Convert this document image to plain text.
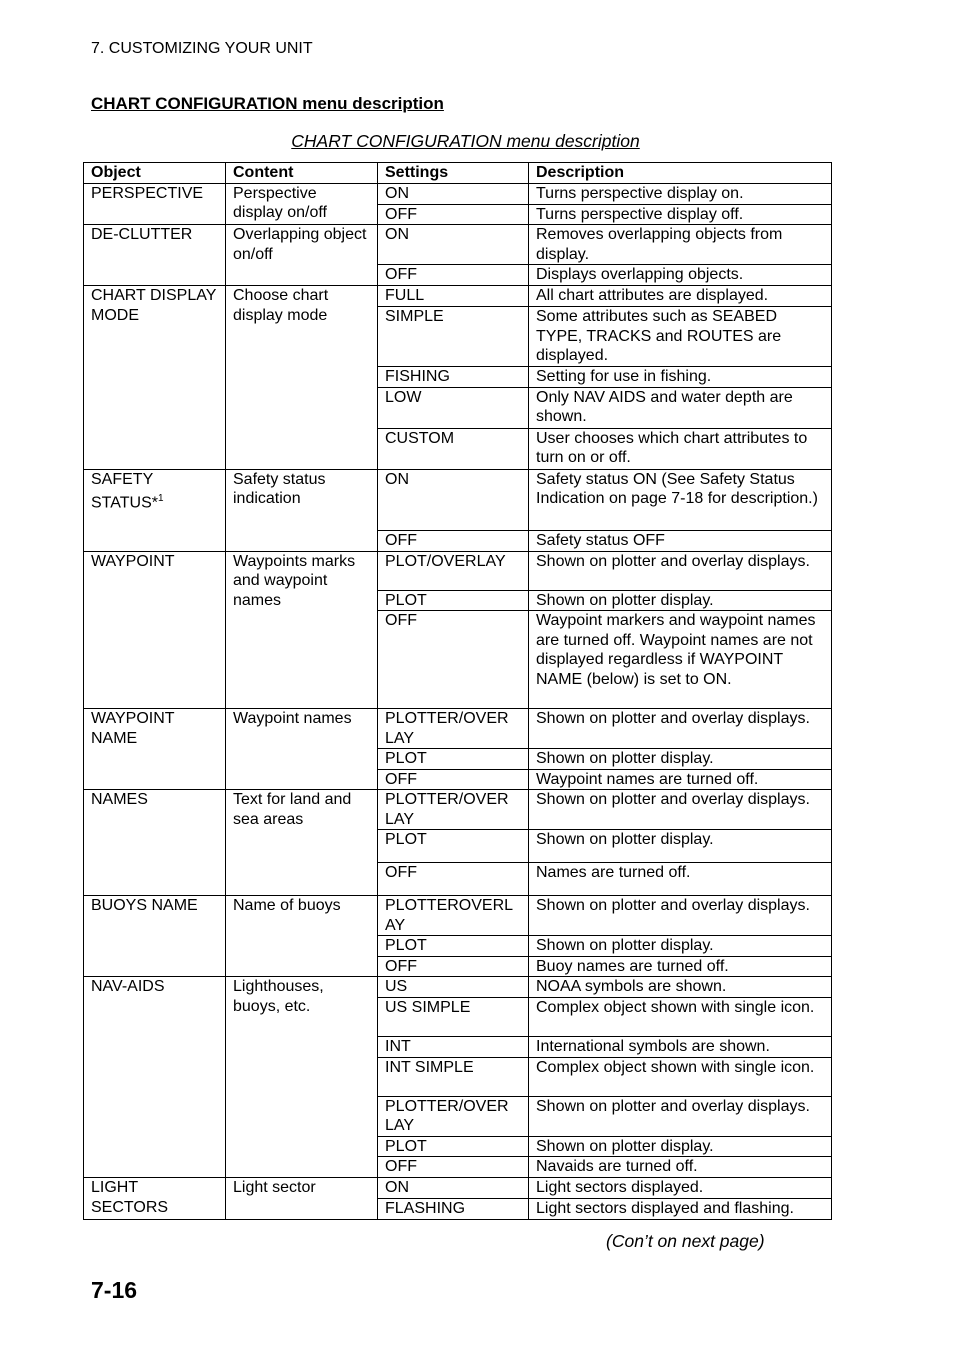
7. CUSTOMIZING YOUR UNIT
CHART CONFIGURATION menu description
CHART CONFIGURATION menu description
Object	Content	Settings	Description
PERSPECTIVE	Perspective display on/off	ON	Turns perspective display on.
		OFF	Turns perspective display off.
DE-CLUTTER	Overlapping object on/off	ON	Removes overlapping objects from display.
		OFF	Displays overlapping objects.
CHART DISPLAY MODE	Choose chart display mode	FULL	All chart attributes are displayed.
		SIMPLE	Some attributes such as SEABED TYPE, TRACKS and ROUTES are displayed.
		FISHING	Setting for use in fishing.
		LOW	Only NAV AIDS and water depth are shown.
		CUSTOM	User chooses which chart attributes to turn on or off.
SAFETY STATUS*$^1$	Safety status indication	ON	Safety status ON (See Safety Status Indication on page 7-18 for description.)
		OFF	Safety status OFF
WAYPOINT	Waypoints marks and waypoint names	PLOT/OVERLAY	Shown on plotter and overlay displays.
		PLOT	Shown on plotter display.
		OFF	Waypoint markers and waypoint names are turned off. Waypoint names are not displayed regardless if WAYPOINT NAME (below) is set to ON.
WAYPOINT NAME	Waypoint names	PLOTTER/OVER LAY	Shown on plotter and overlay displays.
		PLOT	Shown on plotter display.
		OFF	Waypoint names are turned off.
NAMES	Text for land and sea areas	PLOTTER/OVER LAY	Shown on plotter and overlay displays.
		PLOT	Shown on plotter display.
		OFF	Names are turned off.
BUOYS NAME	Name of buoys	PLOTTEROVERL AY	Shown on plotter and overlay displays.
		PLOT	Shown on plotter display.
		OFF	Buoy names are turned off.
NAV-AIDS	Lighthouses, buoys, etc.	US	NOAA symbols are shown.
		US SIMPLE	Complex object shown with single icon.
		INT	International symbols are shown.
		INT SIMPLE	Complex object shown with single icon.
		PLOTTER/OVER LAY	Shown on plotter and overlay displays.
		PLOT	Shown on plotter display.
		OFF	Navaids are turned off.
LIGHT SECTORS	Light sector	ON	Light sectors displayed.
		FLASHING	Light sectors displayed and flashing.
(Con’t on next page)
7-16
